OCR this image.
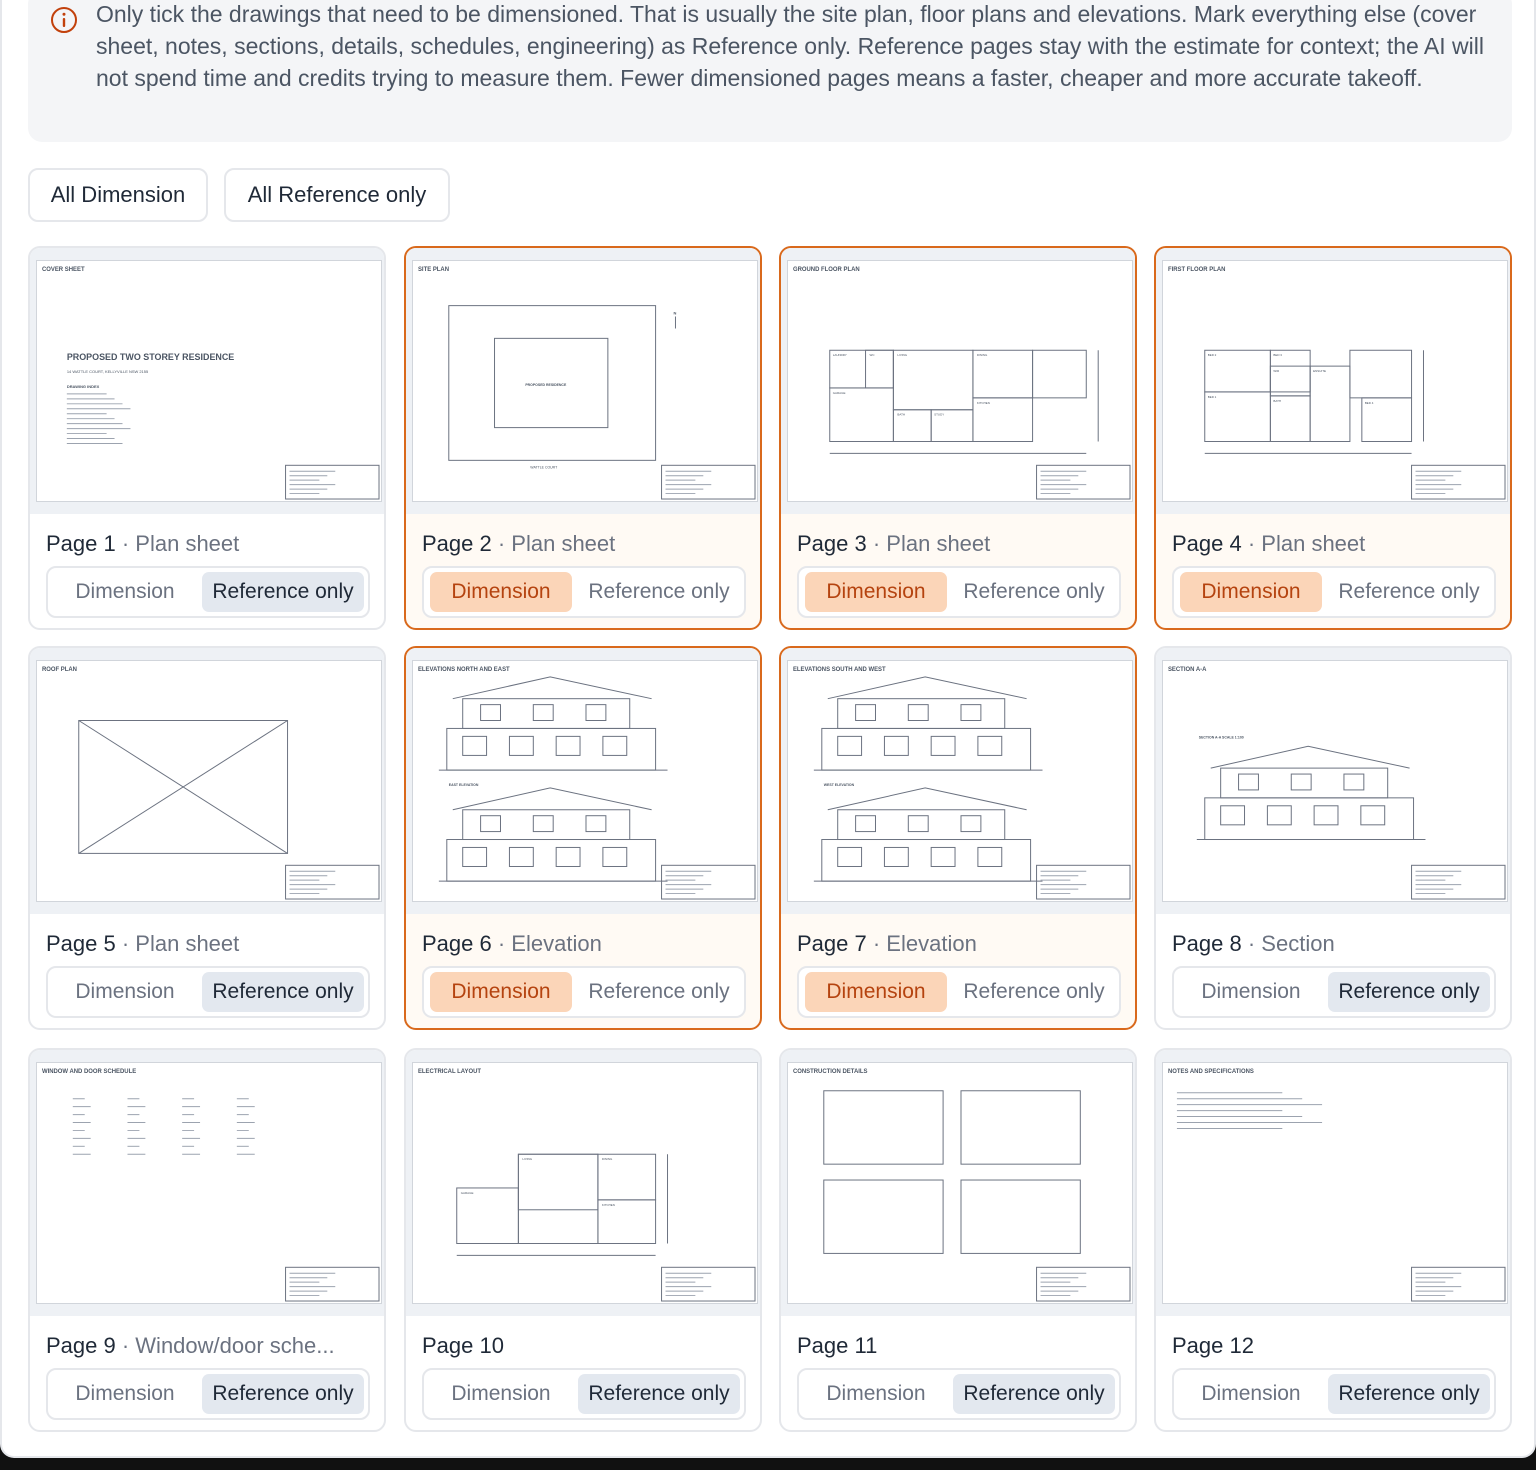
Only tick the drawings that need to be dimensioned. That is usually the site plan, floor plans and elevations. Mark everything else (cover sheet, notes, sections, details, schedules, engineering) as Reference only. Reference pages stay with the estimate for context; the AI will not spend time and credits trying to measure them. Fewer dimensioned pages means a faster, cheaper and more accurate takeoff.
All Dimension	All Reference only
COVER SHEET
PROPOSED TWO STOREY RESIDENCE
14 WATTLE COURT, KELLYVILLE NSW 2155
DRAWING INDEX
Page 1 · Plan sheet
Dimension	Reference only
SITE PLAN
PROPOSED RESIDENCE
WATTLE COURT
N
Page 2 · Plan sheet
Dimension	Reference only
GROUND FLOOR PLAN
LAUNDRY	WC	LIVING
GARAGE
BATH	STUDY
DINING
KITCHEN
Page 3 · Plan sheet
Dimension	Reference only
FIRST FLOOR PLAN
BED 2	BED 3
BED 1
WIR
BATH
ENSUITE
BED 4
Page 4 · Plan sheet
Dimension	Reference only
ROOF PLAN
Page 5 · Plan sheet
Dimension	Reference only
ELEVATIONS NORTH AND EAST
EAST ELEVATION
Page 6 · Elevation
Dimension	Reference only
ELEVATIONS SOUTH AND WEST
WEST ELEVATION
Page 7 · Elevation
Dimension	Reference only
SECTION A-A
SECTION A-A SCALE 1:100
Page 8 · Section
Dimension	Reference only
WINDOW AND DOOR SCHEDULE
Page 9 · Window/door sche...
Dimension	Reference only
ELECTRICAL LAYOUT
LIVING	DINING
GARAGE
KITCHEN
Page 10
Dimension	Reference only
CONSTRUCTION DETAILS
Page 11
Dimension	Reference only
NOTES AND SPECIFICATIONS
Page 12
Dimension	Reference only
